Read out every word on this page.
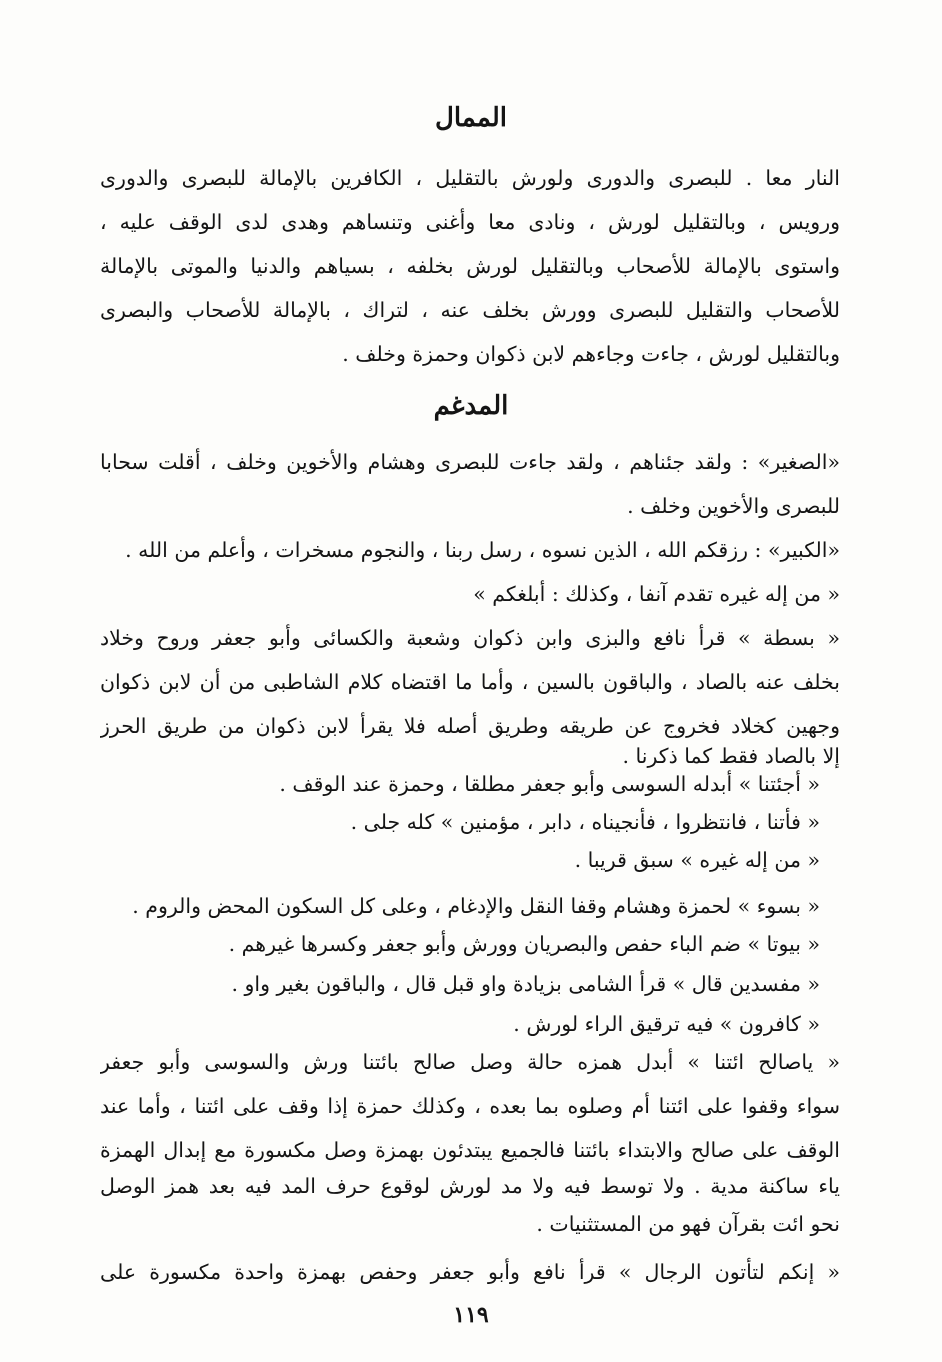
الممال
النار معا . للبصرى والدورى ولورش بالتقليل ، الكافرين بالإمالة للبصرى والدورى
ورويس ، وبالتقليل لورش ، ونادى معا وأغنى وتنساهم وهدى لدى الوقف عليه ،
واستوى بالإمالة للأصحاب وبالتقليل لورش بخلفه ، بسياهم والدنيا والموتى بالإمالة
للأصحاب والتقليل للبصرى وورش بخلف عنه ، لتراك ، بالإمالة للأصحاب والبصرى
وبالتقليل لورش ، جاءت وجاءهم لابن ذكوان وحمزة وخلف .
المدغم
«الصغير» : ولقد جئناهم ، ولقد جاءت للبصرى وهشام والأخوين وخلف ، أقلت سحابا
للبصرى والأخوين وخلف .
«الكبير» : رزقكم الله ، الذين نسوه ، رسل ربنا ، والنجوم مسخرات ، وأعلم من الله .
« من إله غيره تقدم آنفا ، وكذلك : أبلغكم »
« بسطة » قرأ نافع والبزى وابن ذكوان وشعبة والكسائى وأبو جعفر وروح وخلاد
بخلف عنه بالصاد ، والباقون بالسين ، وأما ما اقتضاه كلام الشاطبى من أن لابن ذكوان
وجهين كخلاد فخروج عن طريقه وطريق أصله فلا يقرأ لابن ذكوان من طريق الحرز
إلا بالصاد فقط كما ذكرنا .
« أجئتنا » أبدله السوسى وأبو جعفر مطلقا ، وحمزة عند الوقف .
« فأتنا ، فانتظروا ، فأنجيناه ، دابر ، مؤمنين » كله جلى .
« من إله غيره » سبق قريبا .
« بسوء » لحمزة وهشام وقفا النقل والإدغام ، وعلى كل السكون المحض والروم .
« بيوتا » ضم الباء حفص والبصريان وورش وأبو جعفر وكسرها غيرهم .
« مفسدين قال » قرأ الشامى بزيادة واو قبل قال ، والباقون بغير واو .
« كافرون » فيه ترقيق الراء لورش .
« ياصالح ائتنا » أبدل همزه حالة وصل صالح بائتنا ورش والسوسى وأبو جعفر
سواء وقفوا على ائتنا أم وصلوه بما بعده ، وكذلك حمزة إذا وقف على ائتنا ، وأما عند
الوقف على صالح والابتداء بائتنا فالجميع يبتدئون بهمزة وصل مكسورة مع إبدال الهمزة
ياء ساكنة مدية . ولا توسط فيه ولا مد لورش لوقوع حرف المد فيه بعد همز الوصل
نحو ائت بقرآن فهو من المستثنيات .
« إنكم لتأتون الرجال » قرأ نافع وأبو جعفر وحفص بهمزة واحدة مكسورة على
١١٩
